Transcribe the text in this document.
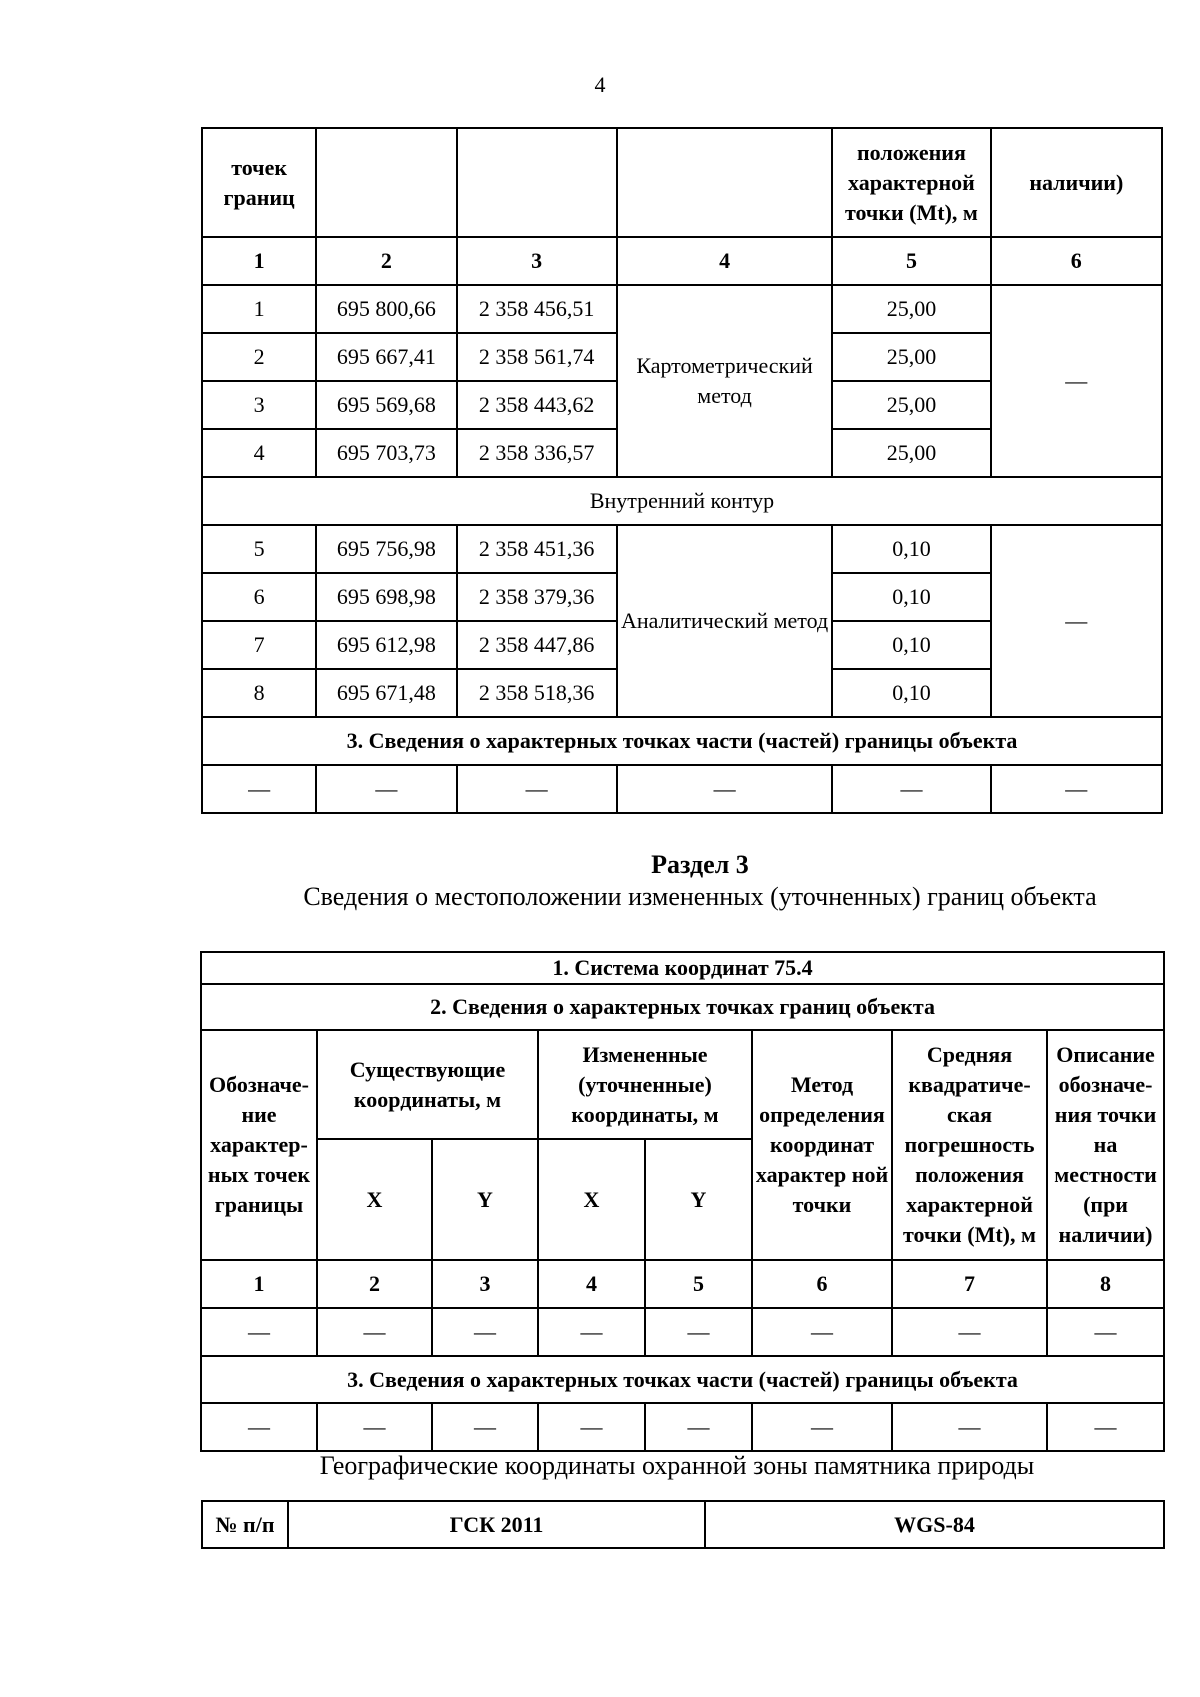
4
точек границ				положения характерной точки (Mt), м	наличии)
1	2	3	4	5	6
1	695 800,66	2 358 456,51	Картометрический метод	25,00	—
2	695 667,41	2 358 561,74		25,00	
3	695 569,68	2 358 443,62		25,00	
4	695 703,73	2 358 336,57		25,00	
Внутренний контур					
5	695 756,98	2 358 451,36	Аналитический метод	0,10	—
6	695 698,98	2 358 379,36		0,10	
7	695 612,98	2 358 447,86		0,10	
8	695 671,48	2 358 518,36		0,10	
3. Сведения о характерных точках части (частей) границы объекта					
—	—	—	—	—	—
Раздел 3
Сведения о местоположении измененных (уточненных) границ объекта
1. Система координат 75.4							
2. Сведения о характерных точках границ объекта							
Обозначе-ние характер-ных точек границы	Существующие координаты, м		Измененные (уточненные) координаты, м		Метод определения координат характер ной точки	Средняя квадратиче-ская погрешность положения характерной точки (Mt), м	Описание обозначе-ния точки на местности (при наличии)
	X	Y	X	Y			
1	2	3	4	5	6	7	8
—	—	—	—	—	—	—	—
3. Сведения о характерных точках части (частей) границы объекта							
—	—	—	—	—	—	—	—
Географические координаты охранной зоны памятника природы
№ п/п	ГСК 2011	WGS-84
